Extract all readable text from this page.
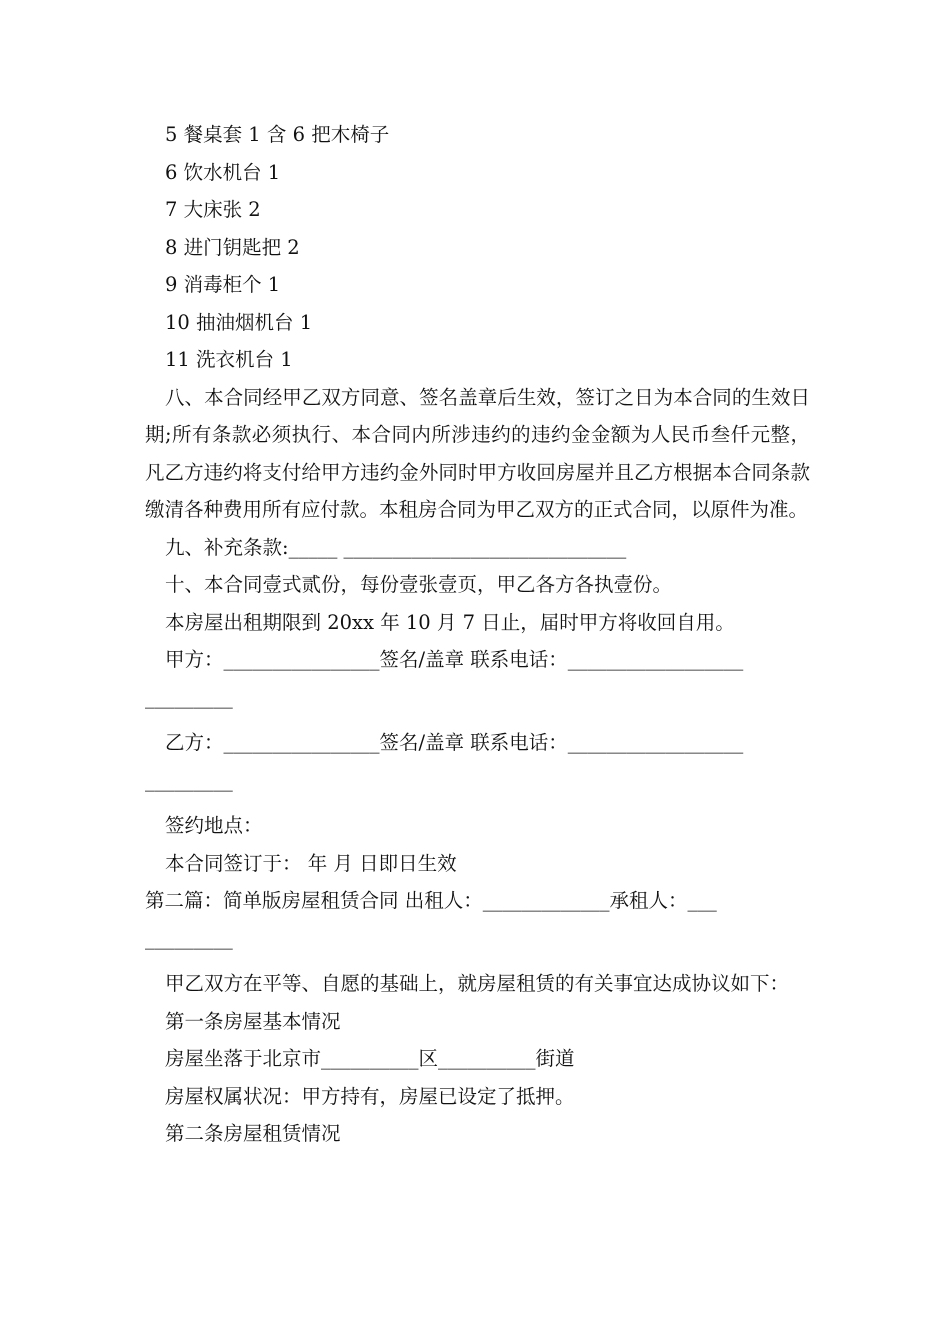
5 餐桌套 1 含 6 把木椅子
6 饮水机台 1
7 大床张 2
8 进门钥匙把 2
9 消毒柜个 1
10 抽油烟机台 1
11 洗衣机台 1
八、本合同经甲乙双方同意、签名盖章后生效，签订之日为本合同的生效日期;所有条款必须执行、本合同内所涉违约的违约金金额为人民币叁仟元整，凡乙方违约将支付给甲方违约金外同时甲方收回房屋并且乙方根据本合同条款缴清各种费用所有应付款。本租房合同为甲乙双方的正式合同，以原件为准。
九、补充条款:_____ _____________________________
十、本合同壹式贰份，每份壹张壹页，甲乙各方各执壹份。
本房屋出租期限到 20xx 年 10 月 7 日止，届时甲方将收回自用。
甲方：________________签名/盖章 联系电话：__________________
_________
乙方：________________签名/盖章 联系电话：__________________
_________
签约地点：
本合同签订于： 年 月 日即日生效
第二篇：简单版房屋租赁合同 出租人：_____________承租人：___
_________
甲乙双方在平等、自愿的基础上，就房屋租赁的有关事宜达成协议如下：
第一条房屋基本情况
房屋坐落于北京市__________区__________街道
房屋权属状况：甲方持有，房屋已设定了抵押。
第二条房屋租赁情况
